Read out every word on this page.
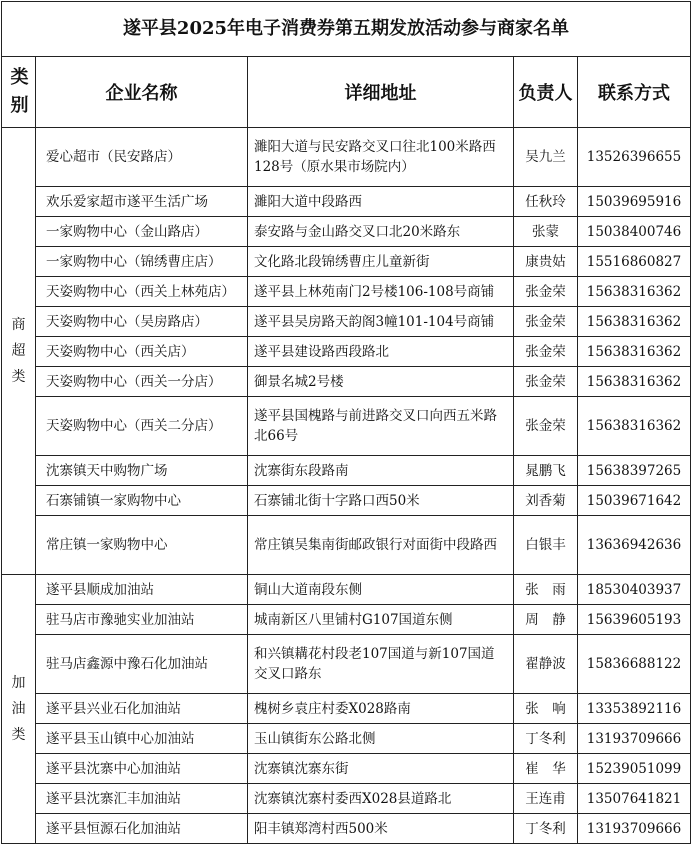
遂平县2025年电子消费券第五期发放活动参与商家名单				
类别	企业名称	详细地址	负责人	联系方式
商超类	爱心超市（民安路店）	濉阳大道与民安路交叉口往北100米路西128号（原水果市场院内）	吴九兰	13526396655
	欢乐爱家超市遂平生活广场	濉阳大道中段路西	任秋玲	15039695916
	一家购物中心（金山路店）	泰安路与金山路交叉口北20米路东	张蒙	15038400746
	一家购物中心（锦绣曹庄店）	文化路北段锦绣曹庄儿童新街	康贵姑	15516860827
	天姿购物中心（西关上林苑店）	遂平县上林苑南门2号楼106-108号商铺	张金荣	15638316362
	天姿购物中心（吴房路店）	遂平县吴房路天韵阁3幢101-104号商铺	张金荣	15638316362
	天姿购物中心（西关店）	遂平县建设路西段路北	张金荣	15638316362
	天姿购物中心（西关一分店）	御景名城2号楼	张金荣	15638316362
	天姿购物中心（西关二分店）	遂平县国槐路与前进路交叉口向西五米路北66号	张金荣	15638316362
	沈寨镇天中购物广场	沈寨街东段路南	晁鹏飞	15638397265
	石寨铺镇一家购物中心	石寨铺北街十字路口西50米	刘香菊	15039671642
	常庄镇一家购物中心	常庄镇吴集南街邮政银行对面街中段路西	白银丰	13636942636
加油类	遂平县顺成加油站	铜山大道南段东侧	张　雨	18530403937
	驻马店市豫驰实业加油站	城南新区八里铺村G107国道东侧	周　静	15639605193
	驻马店鑫源中豫石化加油站	和兴镇耩花村段老107国道与新107国道交叉口路东	翟静波	15836688122
	遂平县兴业石化加油站	槐树乡袁庄村委X028路南	张　响	13353892116
	遂平县玉山镇中心加油站	玉山镇街东公路北侧	丁冬利	13193709666
	遂平县沈寨中心加油站	沈寨镇沈寨东街	崔　华	15239051099
	遂平县沈寨汇丰加油站	沈寨镇沈寨村委西X028县道路北	王连甫	13507641821
	遂平县恒源石化加油站	阳丰镇郑湾村西500米	丁冬利	13193709666
